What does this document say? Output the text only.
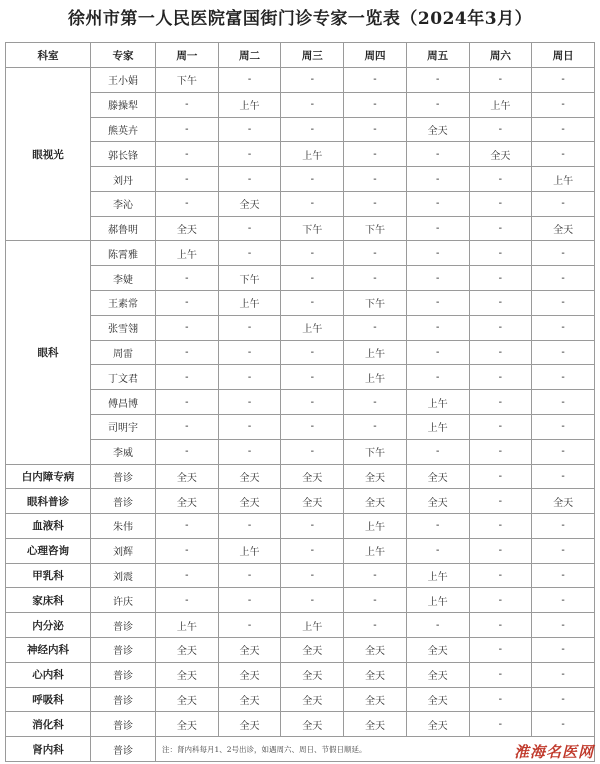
徐州市第一人民医院富国街门诊专家一览表（2024年3月）
科室	专家	周一	周二	周三	周四	周五	周六	周日
眼视光	王小娟	下午	-	-	-	-	-	-
	滕操犁	-	上午	-	-	-	上午	-
	熊英卉	-	-	-	-	全天	-	-
	郭长锋	-	-	上午	-	-	全天	-
	刘丹	-	-	-	-	-	-	上午
	李沁	-	全天	-	-	-	-	-
	郝鲁明	全天	-	下午	下午	-	-	全天
眼科	陈霄雅	上午	-	-	-	-	-	-
	李婕	-	下午	-	-	-	-	-
	王素常	-	上午	-	下午	-	-	-
	张雪翎	-	-	上午	-	-	-	-
	周雷	-	-	-	上午	-	-	-
	丁文君	-	-	-	上午	-	-	-
	傅昌博	-	-	-	-	上午	-	-
	司明宇	-	-	-	-	上午	-	-
	李威	-	-	-	下午	-	-	-
白内障专病	普诊	全天	全天	全天	全天	全天	-	-
眼科普诊	普诊	全天	全天	全天	全天	全天	-	全天
血液科	朱伟	-	-	-	上午	-	-	-
心理咨询	刘辉	-	上午	-	上午	-	-	-
甲乳科	刘震	-	-	-	-	上午	-	-
家床科	许庆	-	-	-	-	上午	-	-
内分泌	普诊	上午	-	上午	-	-	-	-
神经内科	普诊	全天	全天	全天	全天	全天	-	-
心内科	普诊	全天	全天	全天	全天	全天	-	-
呼吸科	普诊	全天	全天	全天	全天	全天	-	-
消化科	普诊	全天	全天	全天	全天	全天	-	-
肾内科	普诊	注：肾内科每月1、2号出诊，如遇周六、周日、节假日顺延。							淮海名医网
